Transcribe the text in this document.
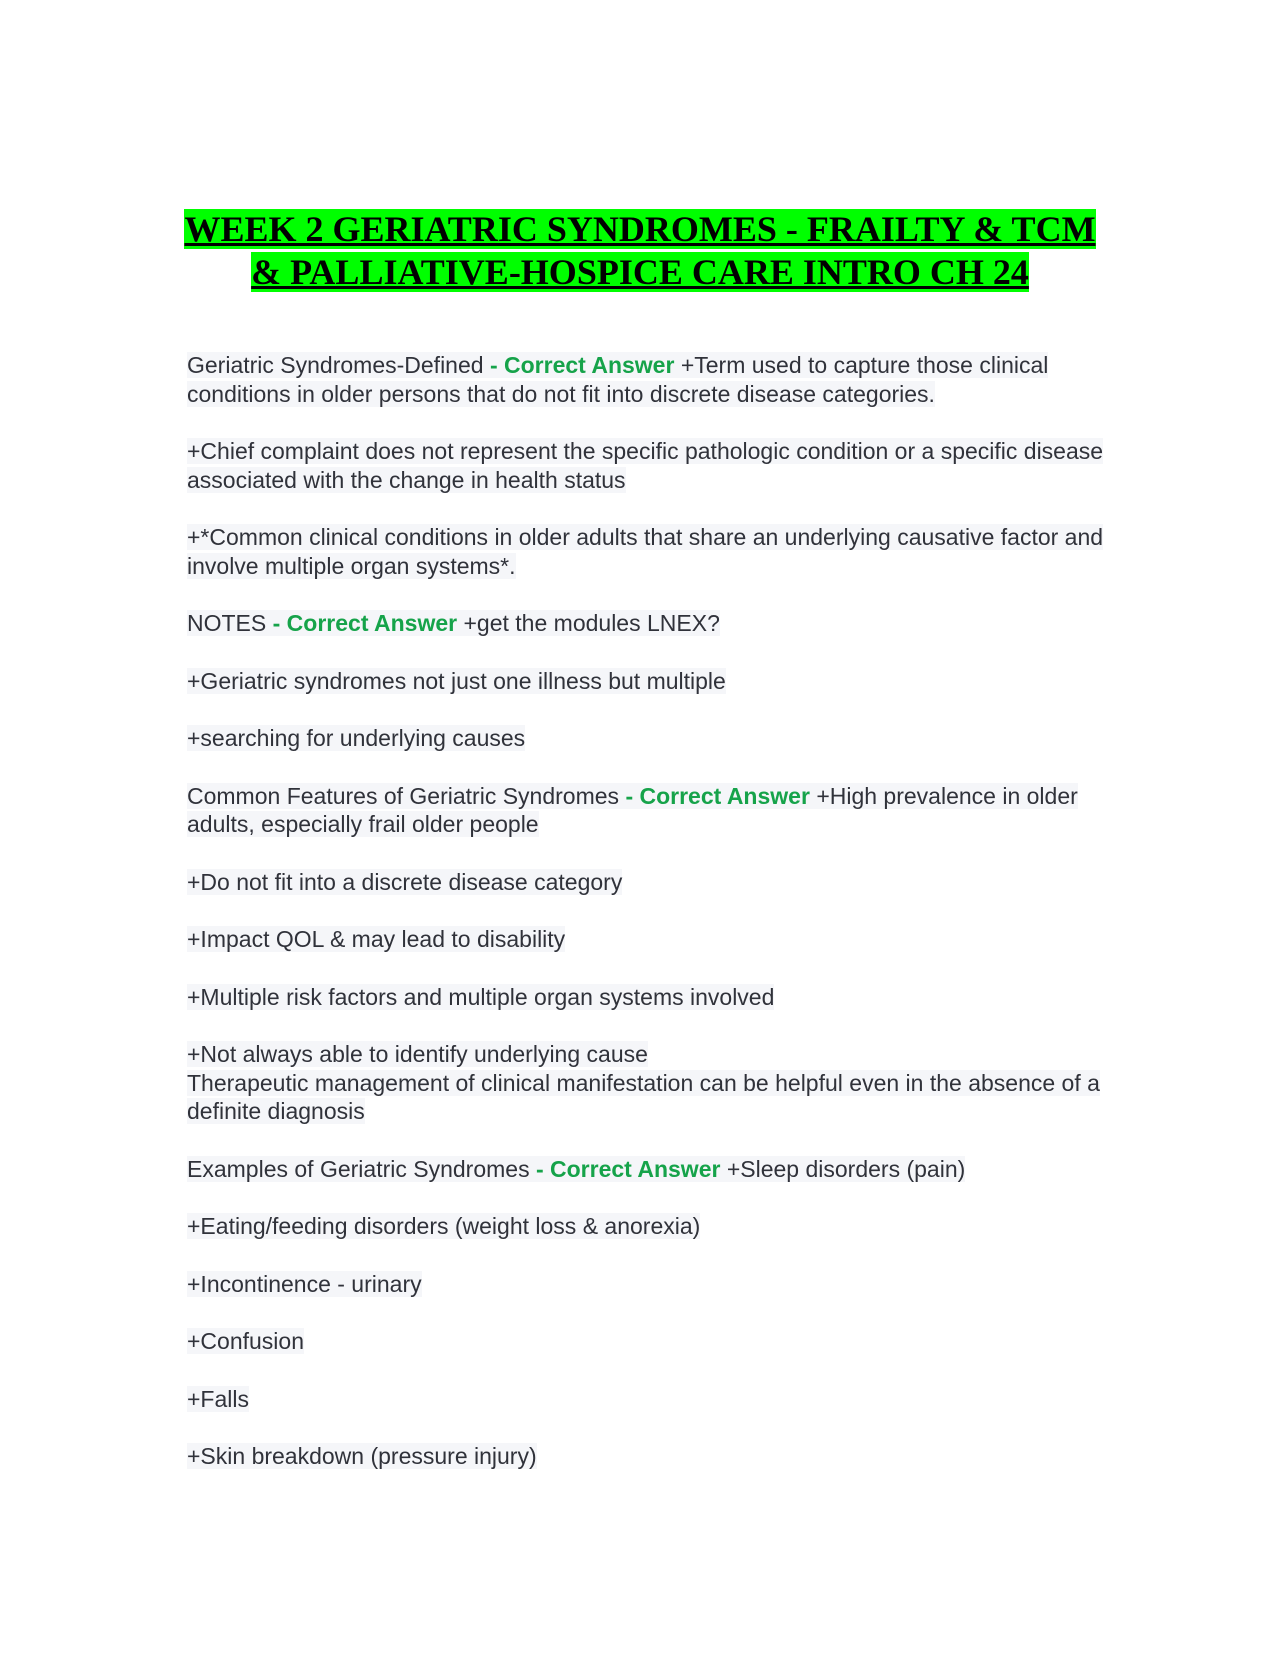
WEEK 2 GERIATRIC SYNDROMES - FRAILTY & TCM
& PALLIATIVE-HOSPICE CARE INTRO CH 24

Geriatric Syndromes-Defined - Correct Answer +Term used to capture those clinical conditions in older persons that do not fit into discrete disease categories.

+Chief complaint does not represent the specific pathologic condition or a specific disease associated with the change in health status

+*Common clinical conditions in older adults that share an underlying causative factor and involve multiple organ systems*.

NOTES - Correct Answer +get the modules LNEX?

+Geriatric syndromes not just one illness but multiple

+searching for underlying causes

Common Features of Geriatric Syndromes - Correct Answer +High prevalence in older adults, especially frail older people

+Do not fit into a discrete disease category

+Impact QOL & may lead to disability

+Multiple risk factors and multiple organ systems involved

+Not always able to identify underlying cause
Therapeutic management of clinical manifestation can be helpful even in the absence of a definite diagnosis

Examples of Geriatric Syndromes - Correct Answer +Sleep disorders (pain)

+Eating/feeding disorders (weight loss & anorexia)

+Incontinence - urinary

+Confusion

+Falls

+Skin breakdown (pressure injury)
